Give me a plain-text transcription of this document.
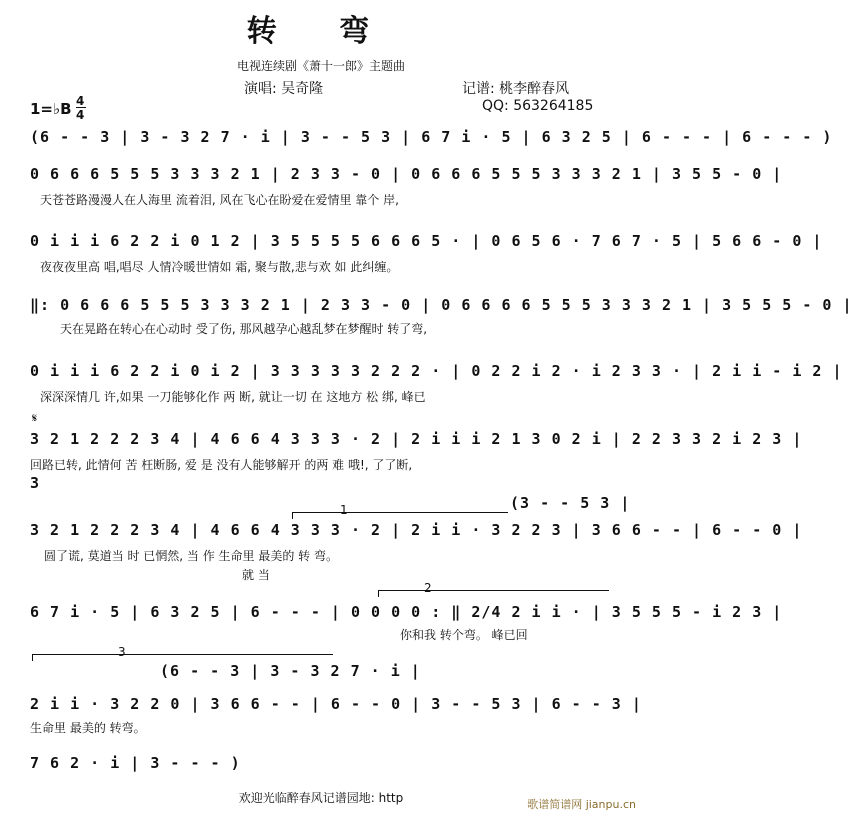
转 弯
电视连续剧《萧十一郎》主题曲
演唱: 吴奇隆	记谱: 桃李醉春风
QQ: 563264185
1=♭B 4
4
(6 - - 3 | 3 - 3 2 7 · i | 3 - - 5 3 | 6 7 i · 5 | 6 3 2 5 | 6 - - - | 6 - - - )
0 6 6 6 5 5 5 3 3 3 2 1 | 2 3 3 - 0 | 0 6 6 6 5 5 5 3 3 3 2 1 | 3 5 5 - 0 |
天苍苍路漫漫人在人海里 流着泪, 风在飞心在盼爱在爱情里 靠个 岸,
0 i i i 6 2 2 i 0 1 2 | 3 5 5 5 5 6 6 6 5 · | 0 6 5 6 · 7 6 7 · 5 | 5 6 6 - 0 |
夜夜夜里高 唱,唱尽 人情冷暖世情如 霜, 聚与散,悲与欢 如 此纠缠。
‖: 0 6 6 6 5 5 5 3 3 3 2 1 | 2 3 3 - 0 | 0 6 6 6 6 5 5 5 3 3 3 2 1 | 3 5 5 5 - 0 |
天在晃路在转心在心动时 受了伤, 那风越孕心越乱梦在梦醒时 转了弯,
0 i i i 6 2 2 i 0 i 2 | 3 3 3 3 3 2 2 2 · | 0 2 2 i 2 · i 2 3 3 · | 2 i i - i 2 |
深深深情几 许,如果 一刀能够化作 两 断, 就让一切 在 这地方 松 绑, 峰已
𝄋
3 2 1 2 2 2 3 4 | 4 6 6 4 3 3 3 · 2 | 2 i i i 2 1 3 0 2 i | 2 2 3 3 2 i 2 3 |
回路已转, 此情何 苦 枉断肠, 爱 是 没有人能够解开 的两 难 哦!, 了了断,
3
1	(3 - - 5 3 |
3 2 1 2 2 2 3 4 | 4 6 6 4 3 3 3 · 2 | 2 i i · 3 2 2 3 | 3 6 6 - - | 6 - - 0 |
圆了谎, 莫道当 时 已惘然, 当 作 生命里 最美的 转 弯。
就 当
2
6 7 i · 5 | 6 3 2 5 | 6 - - - | 0 0 0 0 : ‖ 2/4 2 i i · | 3 5 5 5 - i 2 3 |
你和我 转个弯。 峰已回
3
(6 - - 3 | 3 - 3 2 7 · i |
2 i i · 3 2 2 0 | 3 6 6 - - | 6 - - 0 | 3 - - 5 3 | 6 - - 3 |
生命里 最美的 转弯。
7 6 2 · i | 3 - - - )
欢迎光临醉春风记谱园地: http	歌谱简谱网 jianpu.cn
